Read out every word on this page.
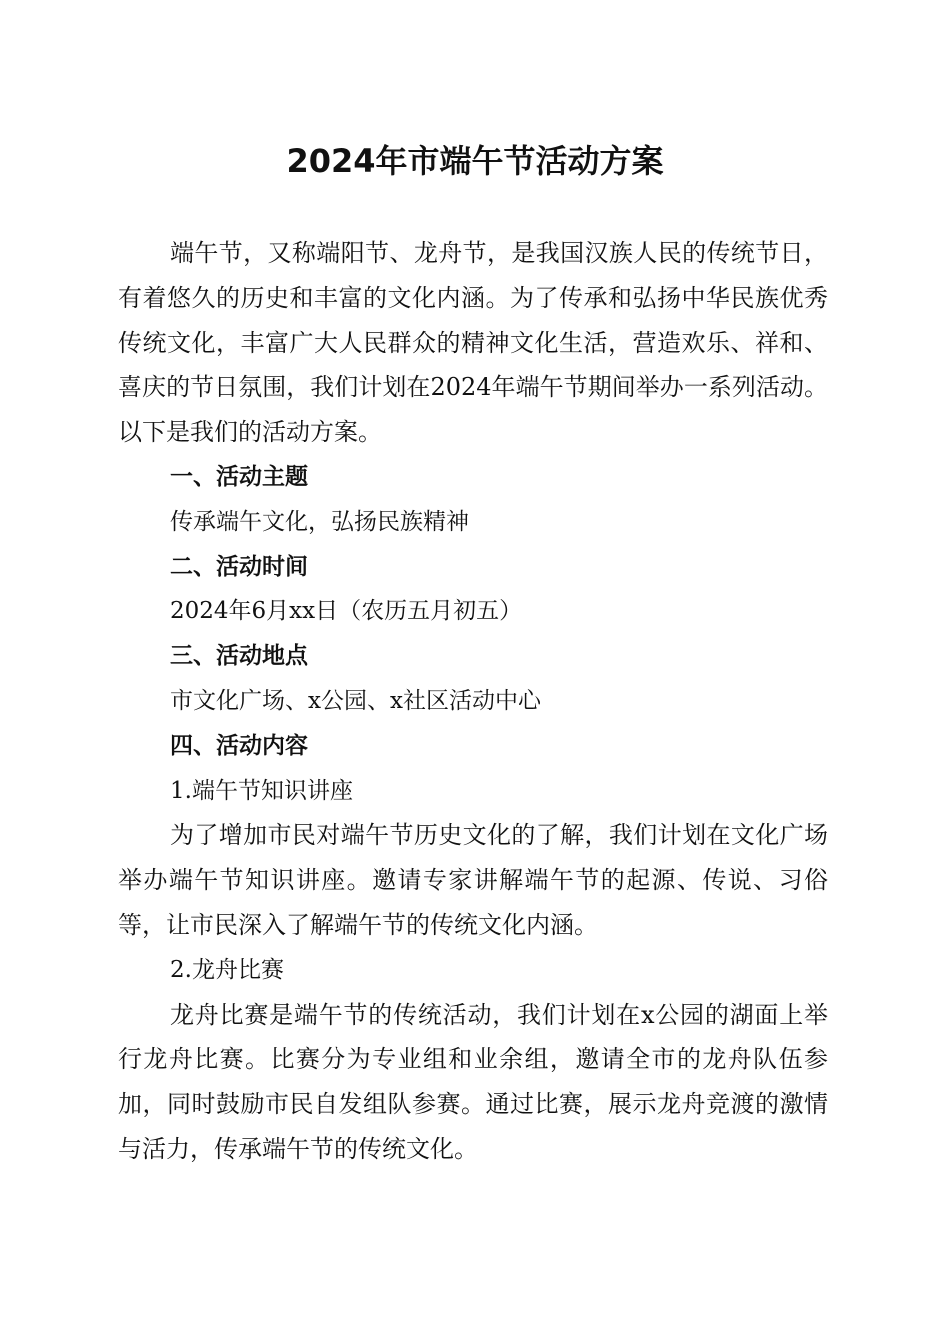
2024年市端午节活动方案

端午节，又称端阳节、龙舟节，是我国汉族人民的传统节日，有着悠久的历史和丰富的文化内涵。为了传承和弘扬中华民族优秀传统文化，丰富广大人民群众的精神文化生活，营造欢乐、祥和、喜庆的节日氛围，我们计划在2024年端午节期间举办一系列活动。以下是我们的活动方案。

一、活动主题

传承端午文化，弘扬民族精神

二、活动时间

2024年6月xx日（农历五月初五）

三、活动地点

市文化广场、x公园、x社区活动中心

四、活动内容

1.端午节知识讲座

为了增加市民对端午节历史文化的了解，我们计划在文化广场举办端午节知识讲座。邀请专家讲解端午节的起源、传说、习俗等，让市民深入了解端午节的传统文化内涵。

2.龙舟比赛

龙舟比赛是端午节的传统活动，我们计划在x公园的湖面上举行龙舟比赛。比赛分为专业组和业余组，邀请全市的龙舟队伍参加，同时鼓励市民自发组队参赛。通过比赛，展示龙舟竞渡的激情与活力，传承端午节的传统文化。
